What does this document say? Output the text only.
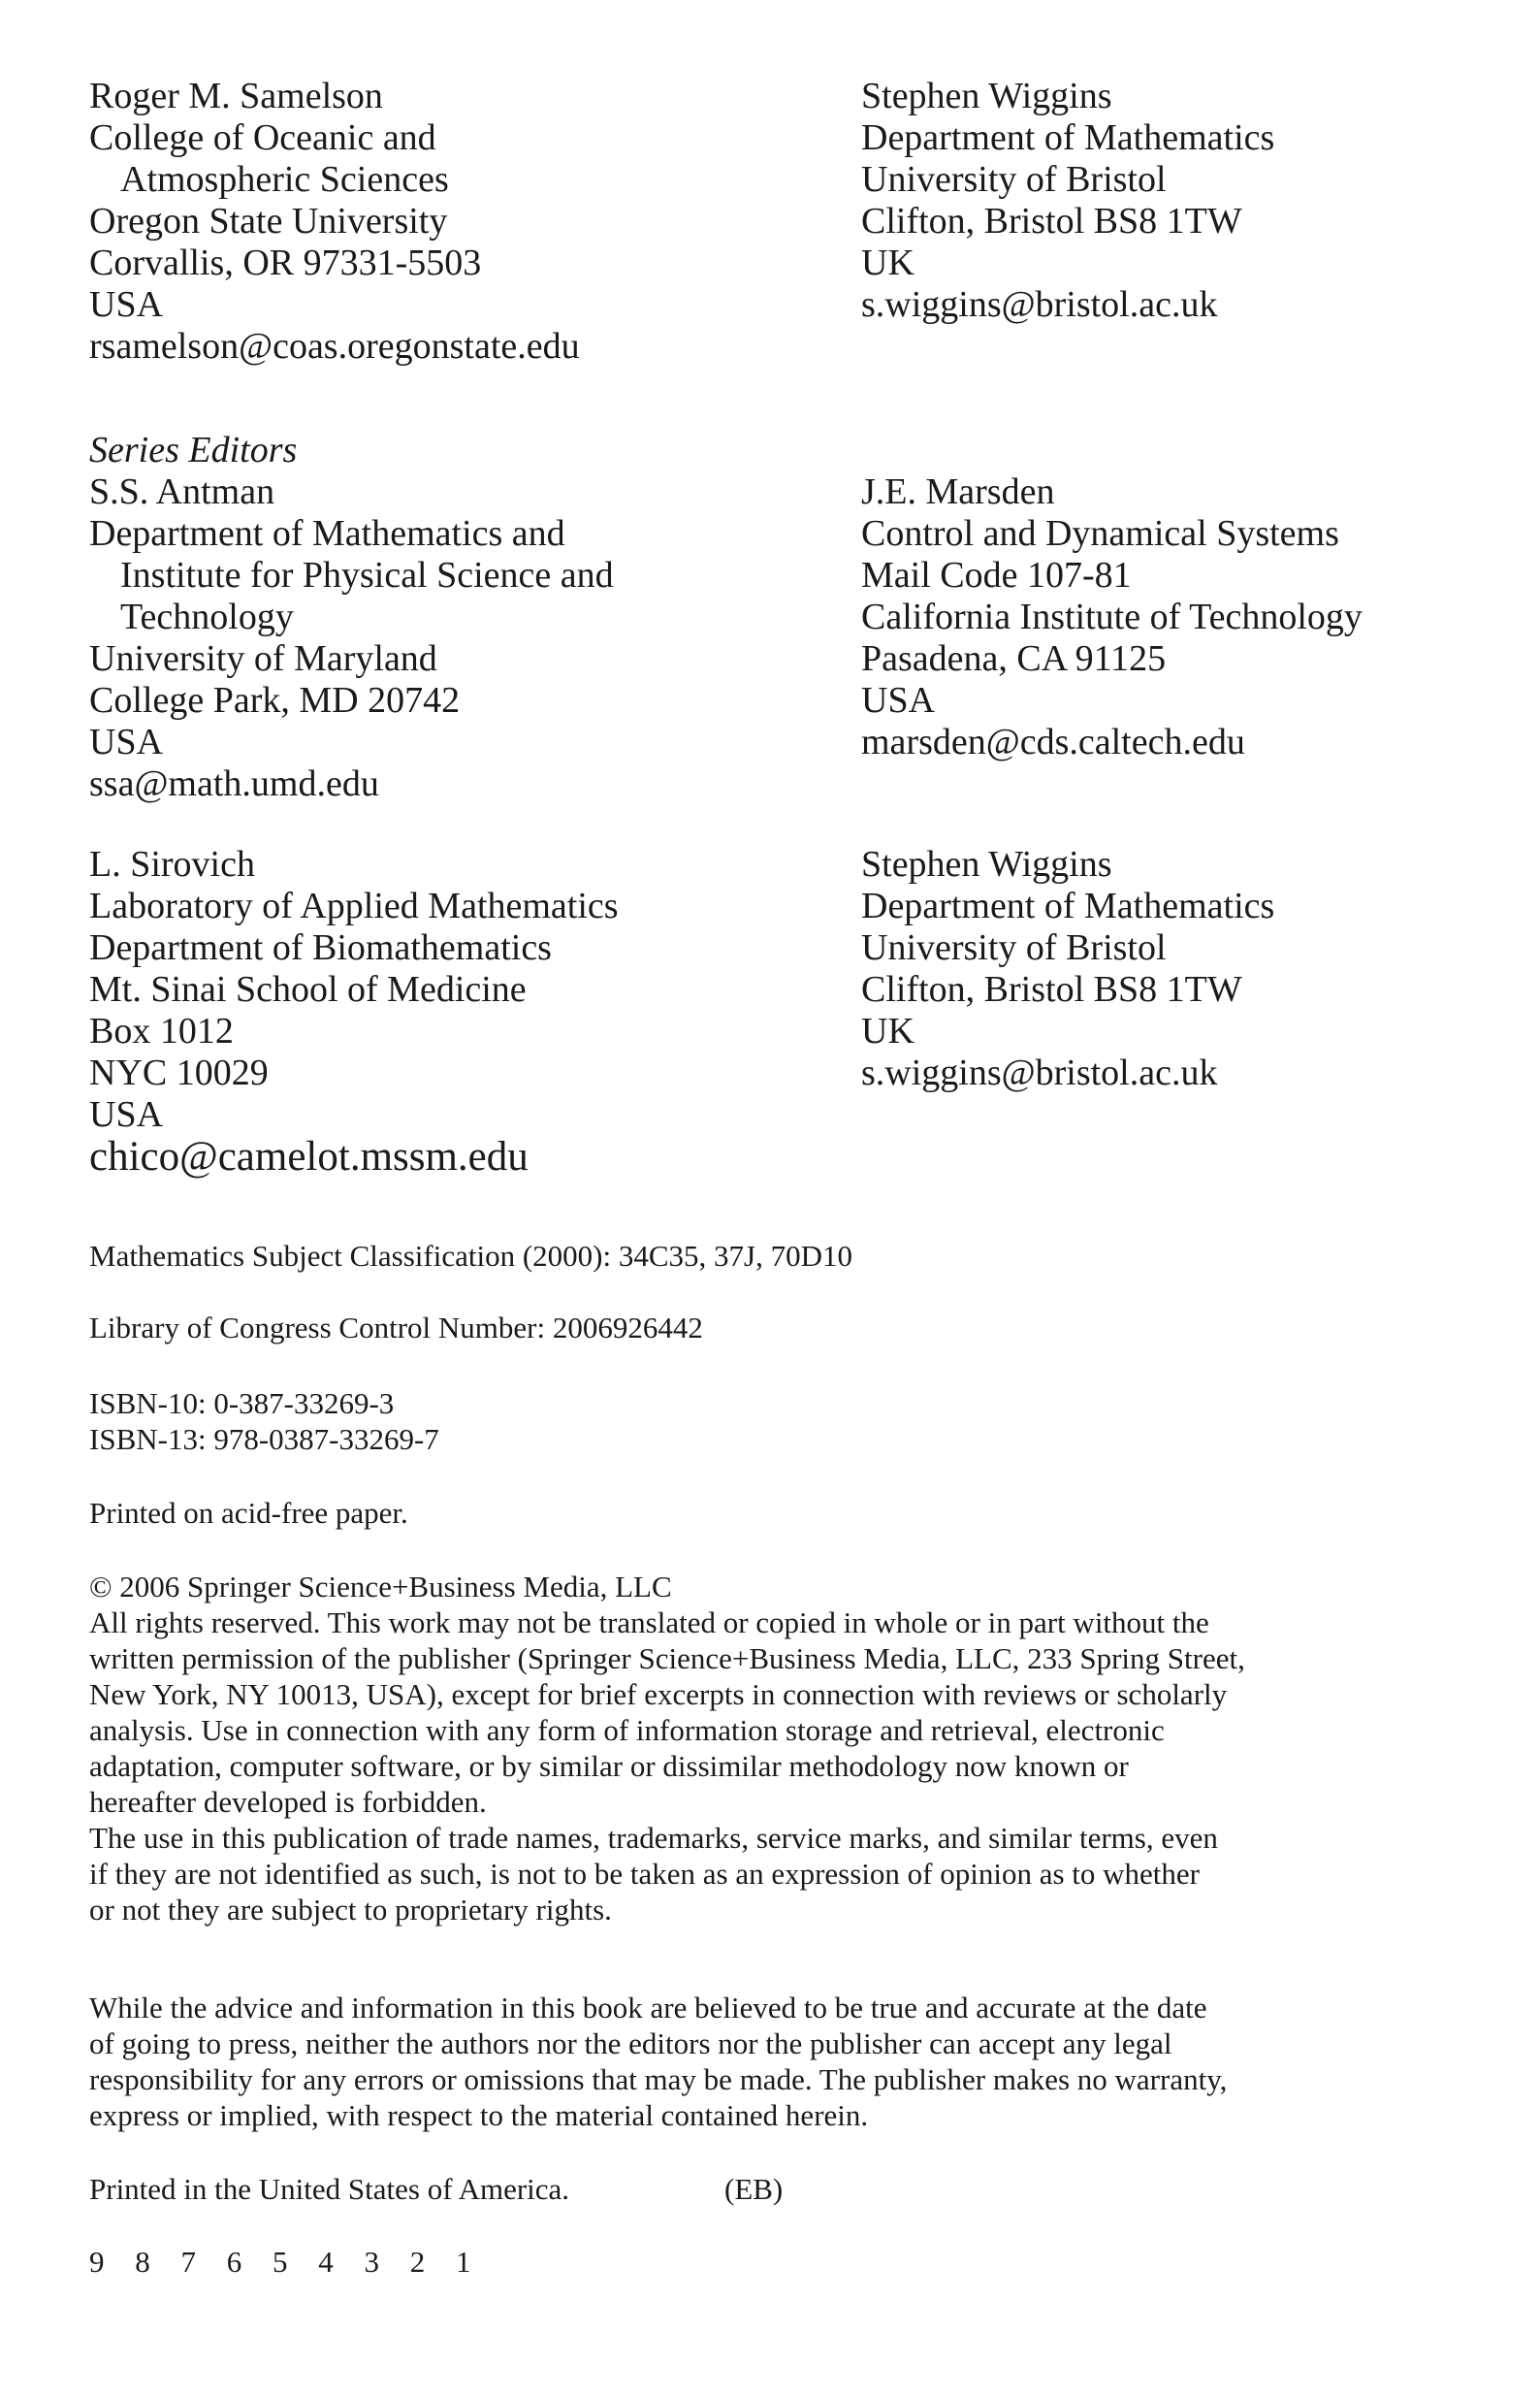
Roger M. Samelson
College of Oceanic and
Atmospheric Sciences
Oregon State University
Corvallis, OR 97331-5503
USA
rsamelson@coas.oregonstate.edu
Stephen Wiggins
Department of Mathematics
University of Bristol
Clifton, Bristol BS8 1TW
UK
s.wiggins@bristol.ac.uk
Series Editors
S.S. Antman
Department of Mathematics and
Institute for Physical Science and
Technology
University of Maryland
College Park, MD 20742
USA
ssa@math.umd.edu
J.E. Marsden
Control and Dynamical Systems
Mail Code 107-81
California Institute of Technology
Pasadena, CA 91125
USA
marsden@cds.caltech.edu
L. Sirovich
Laboratory of Applied Mathematics
Department of Biomathematics
Mt. Sinai School of Medicine
Box 1012
NYC 10029
USA
chico@camelot.mssm.edu
Stephen Wiggins
Department of Mathematics
University of Bristol
Clifton, Bristol BS8 1TW
UK
s.wiggins@bristol.ac.uk
Mathematics Subject Classification (2000): 34C35, 37J, 70D10
Library of Congress Control Number: 2006926442
ISBN-10: 0-387-33269-3
ISBN-13: 978-0387-33269-7
Printed on acid-free paper.
© 2006 Springer Science+Business Media, LLC
All rights reserved. This work may not be translated or copied in whole or in part without the
written permission of the publisher (Springer Science+Business Media, LLC, 233 Spring Street,
New York, NY 10013, USA), except for brief excerpts in connection with reviews or scholarly
analysis. Use in connection with any form of information storage and retrieval, electronic
adaptation, computer software, or by similar or dissimilar methodology now known or
hereafter developed is forbidden.
The use in this publication of trade names, trademarks, service marks, and similar terms, even
if they are not identified as such, is not to be taken as an expression of opinion as to whether
or not they are subject to proprietary rights.
While the advice and information in this book are believed to be true and accurate at the date
of going to press, neither the authors nor the editors nor the publisher can accept any legal
responsibility for any errors or omissions that may be made. The publisher makes no warranty,
express or implied, with respect to the material contained herein.
Printed in the United States of America.	(EB)
9 8 7 6 5 4 3 2 1
